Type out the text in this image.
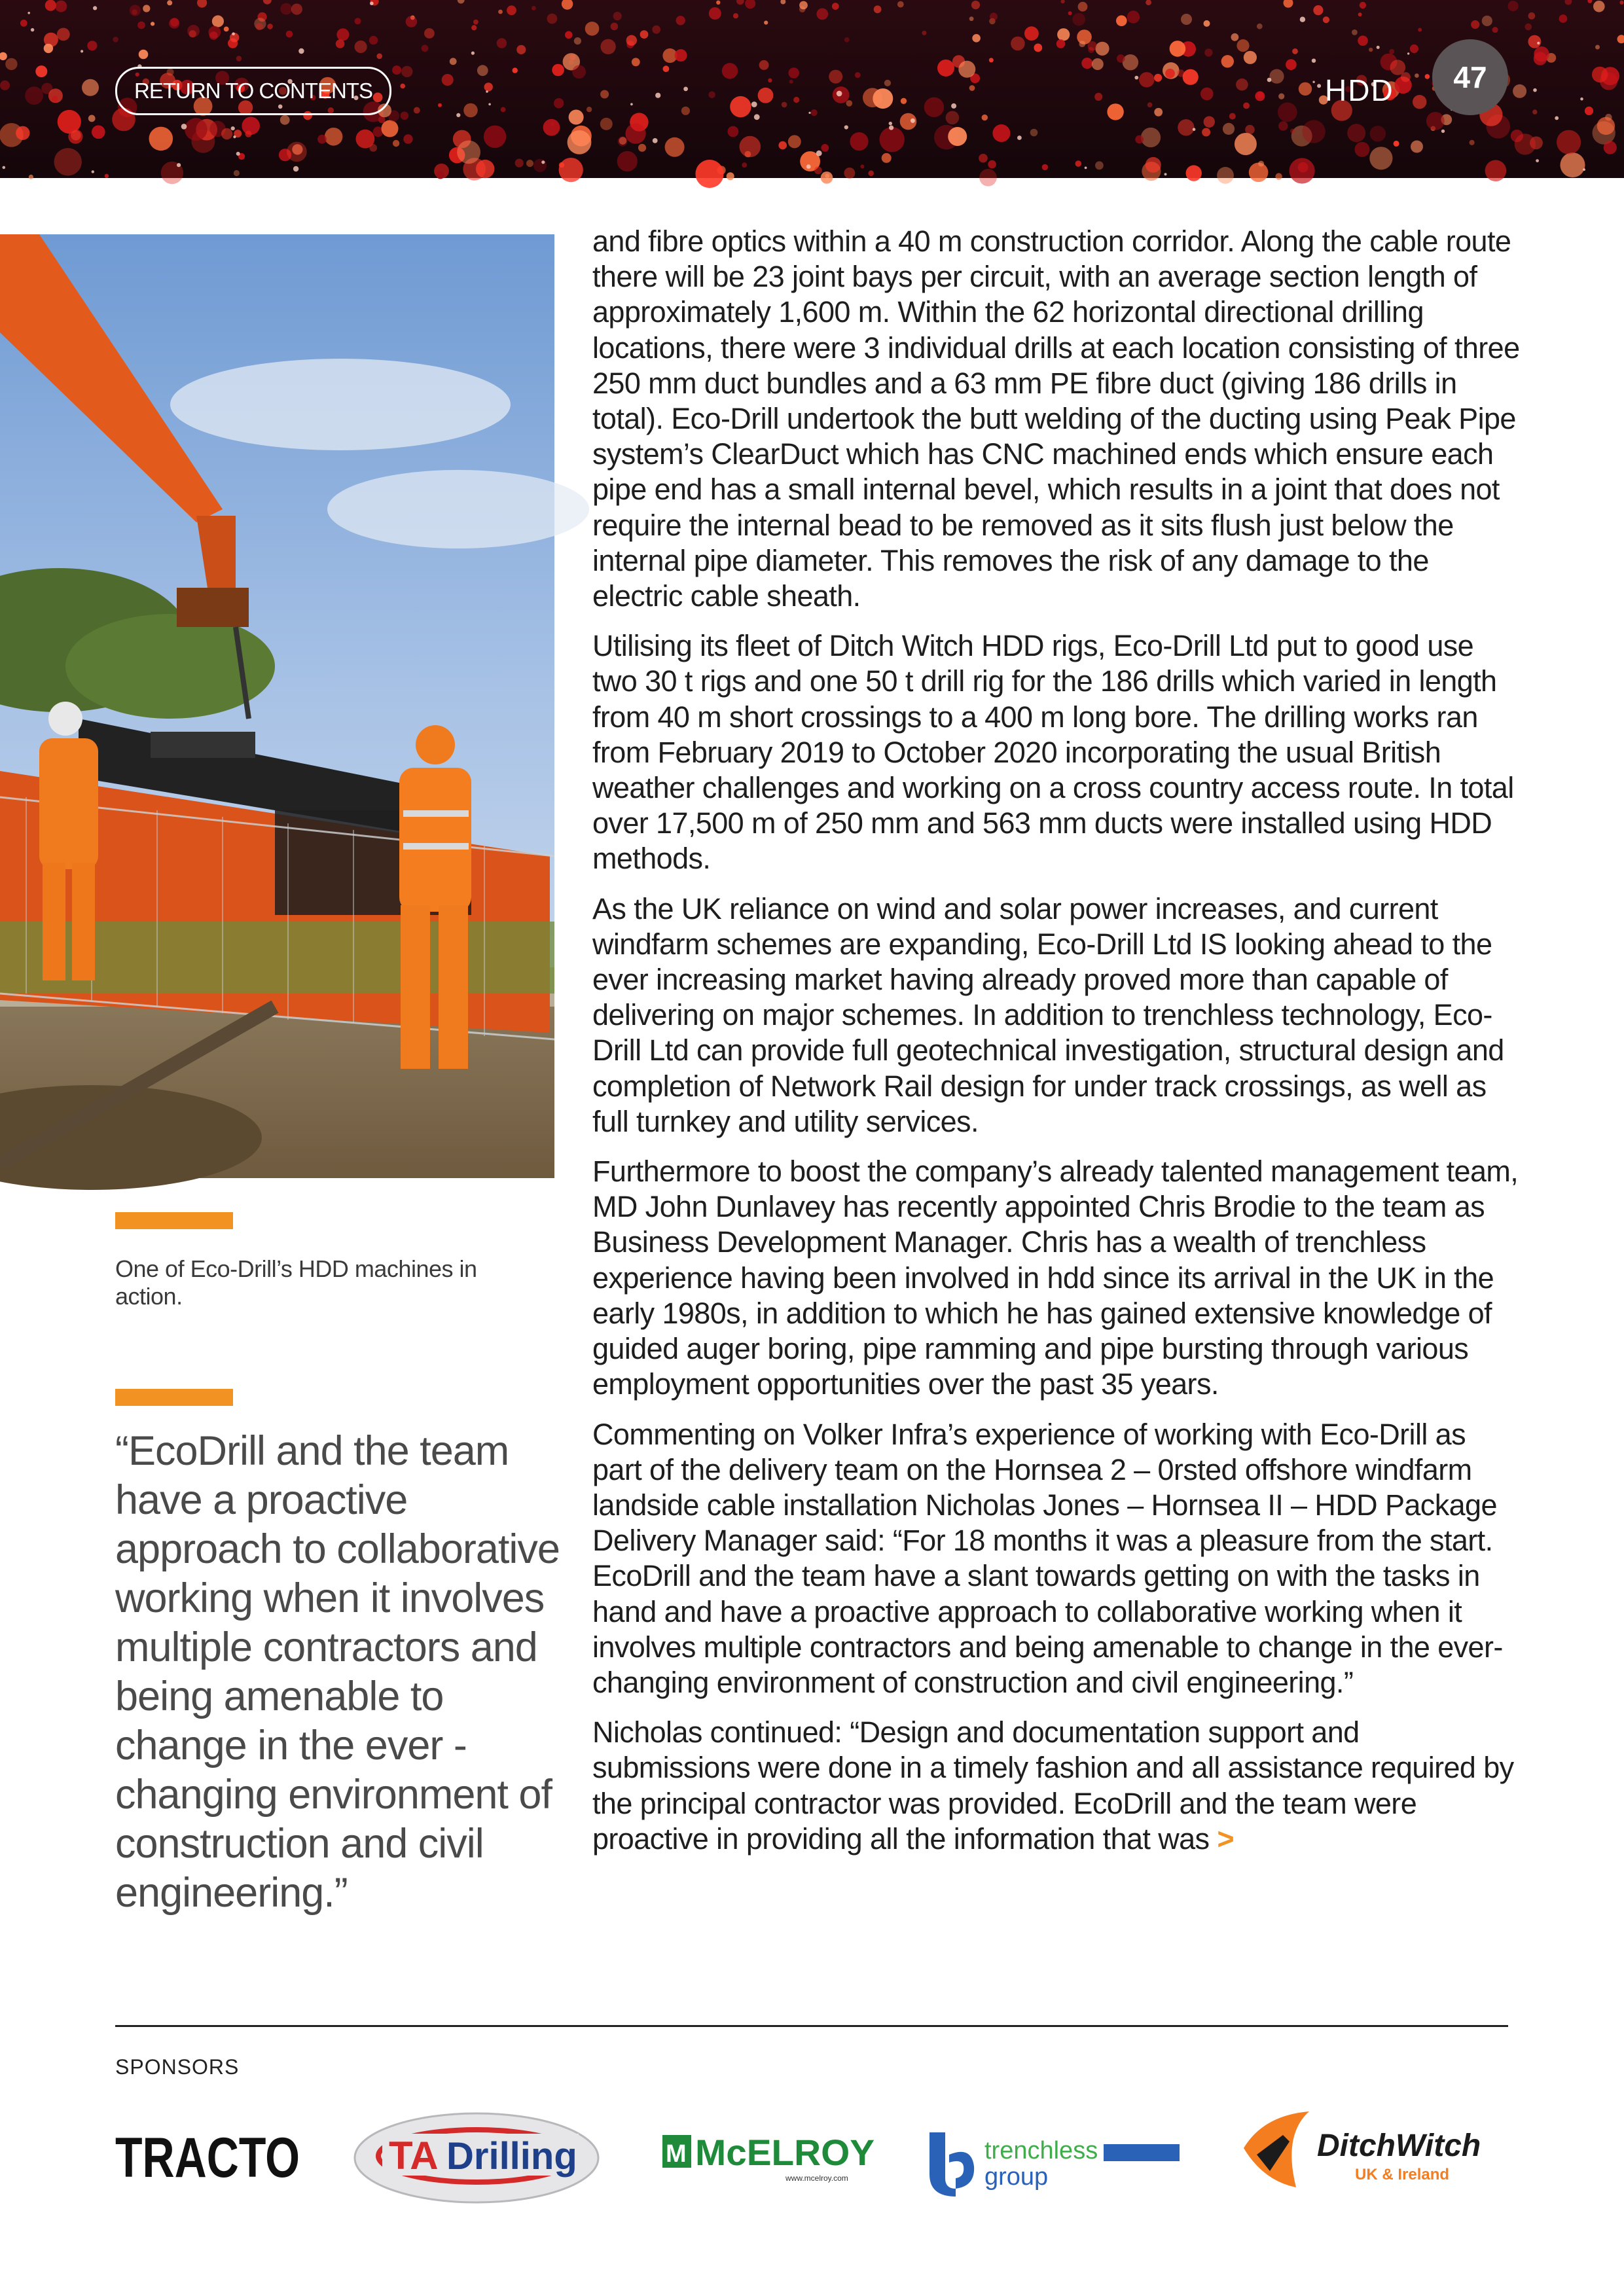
RETURN TO CONTENTS	HDD	47
One of Eco-Drill’s HDD machines in action.
“EcoDrill and the team have a proactive approach to collaborative working when it involves multiple contractors and being amenable to change in the ever -changing environment of construction and civil engineering.”

and fibre optics within a 40 m construction corridor. Along the cable route there will be 23 joint bays per circuit, with an average section length of approximately 1,600 m. Within the 62 horizontal directional drilling locations, there were 3 individual drills at each location consisting of three 250 mm duct bundles and a 63 mm PE fibre duct (giving 186 drills in total). Eco-Drill undertook the butt welding of the ducting using Peak Pipe system’s ClearDuct which has CNC machined ends which ensure each pipe end has a small internal bevel, which results in a joint that does not require the internal bead to be removed as it sits flush just below the internal pipe diameter. This removes the risk of any damage to the electric cable sheath.

Utilising its fleet of Ditch Witch HDD rigs, Eco-Drill Ltd put to good use two 30 t rigs and one 50 t drill rig for the 186 drills which varied in length from 40 m short crossings to a 400 m long bore. The drilling works ran from February 2019 to October 2020 incorporating the usual British weather challenges and working on a cross country access route. In total over 17,500 m of 250 mm and 563 mm ducts were installed using HDD methods.

As the UK reliance on wind and solar power increases, and current windfarm schemes are expanding, Eco-Drill Ltd IS looking ahead to the ever increasing market having already proved more than capable of delivering on major schemes. In addition to trenchless technology, Eco-Drill Ltd can provide full geotechnical investigation, structural design and completion of Network Rail design for under track crossings, as well as full turnkey and utility services.

Furthermore to boost the company’s already talented management team, MD John Dunlavey has recently appointed Chris Brodie to the team as Business Development Manager. Chris has a wealth of trenchless experience having been involved in hdd since its arrival in the UK in the early 1980s, in addition to which he has gained extensive knowledge of guided auger boring, pipe ramming and pipe bursting through various employment opportunities over the past 35 years.

Commenting on Volker Infra’s experience of working with Eco-Drill as part of the delivery team on the Hornsea 2 – 0rsted offshore windfarm landside cable installation Nicholas Jones – Hornsea II – HDD Package Delivery Manager said: “For 18 months it was a pleasure from the start. EcoDrill and the team have a slant towards getting on with the tasks in hand and have a proactive approach to collaborative working when it involves multiple contractors and being amenable to change in the ever-changing environment of construction and civil engineering.”

Nicholas continued: “Design and documentation support and submissions were done in a timely fashion and all assistance required by the principal contractor was provided. EcoDrill and the team were proactive in providing all the information that was >

SPONSORS
TRACTO TA Drilling	M McELROY
www.mcelroy.com
trenchless
group
DitchWitch
UK & Ireland
